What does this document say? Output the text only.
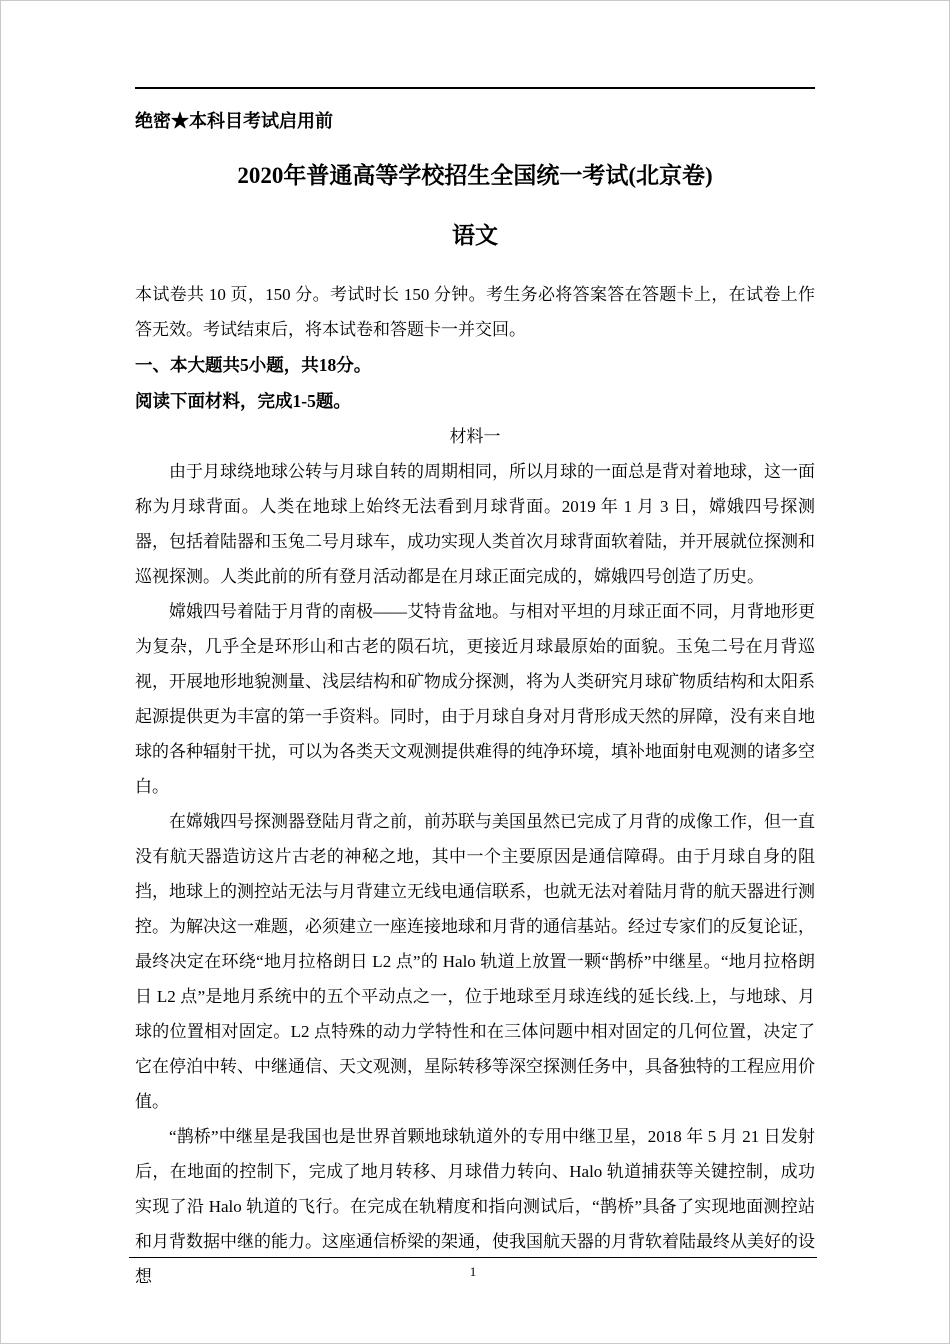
绝密★本科目考试启用前
2020年普通高等学校招生全国统一考试(北京卷)
语文

本试卷共 10 页，150 分。考试时长 150 分钟。考生务必将答案答在答题卡上，在试卷上作答无效。考试结束后，将本试卷和答题卡一并交回。

一、本大题共5小题，共18分。

阅读下面材料，完成1-5题。

材料一

由于月球绕地球公转与月球自转的周期相同，所以月球的一面总是背对着地球，这一面称为月球背面。人类在地球上始终无法看到月球背面。2019 年 1 月 3 日，嫦娥四号探测器，包括着陆器和玉兔二号月球车，成功实现人类首次月球背面软着陆，并开展就位探测和巡视探测。人类此前的所有登月活动都是在月球正面完成的，嫦娥四号创造了历史。

嫦娥四号着陆于月背的南极——艾特肯盆地。与相对平坦的月球正面不同，月背地形更为复杂，几乎全是环形山和古老的陨石坑，更接近月球最原始的面貌。玉兔二号在月背巡视，开展地形地貌测量、浅层结构和矿物成分探测，将为人类研究月球矿物质结构和太阳系起源提供更为丰富的第一手资料。同时，由于月球自身对月背形成天然的屏障，没有来自地球的各种辐射干扰，可以为各类天文观测提供难得的纯净环境，填补地面射电观测的诸多空白。

在嫦娥四号探测器登陆月背之前，前苏联与美国虽然已完成了月背的成像工作，但一直没有航天器造访这片古老的神秘之地，其中一个主要原因是通信障碍。由于月球自身的阻挡，地球上的测控站无法与月背建立无线电通信联系，也就无法对着陆月背的航天器进行测控。为解决这一难题，必须建立一座连接地球和月背的通信基站。经过专家们的反复论证，最终决定在环绕“地月拉格朗日 L2 点”的 Halo 轨道上放置一颗“鹊桥”中继星。“地月拉格朗日 L2 点”是地月系统中的五个平动点之一，位于地球至月球连线的延长线.上，与地球、月球的位置相对固定。L2 点特殊的动力学特性和在三体问题中相对固定的几何位置，决定了它在停泊中转、中继通信、天文观测，星际转移等深空探测任务中，具备独特的工程应用价值。

“鹊桥”中继星是我国也是世界首颗地球轨道外的专用中继卫星，2018 年 5 月 21 日发射后，在地面的控制下，完成了地月转移、月球借力转向、Halo 轨道捕获等关键控制，成功实现了沿 Halo 轨道的飞行。在完成在轨精度和指向测试后，“鹊桥”具备了实现地面测控站和月背数据中继的能力。这座通信桥梁的架通，使我国航天器的月背软着陆最终从美好的设想	1
